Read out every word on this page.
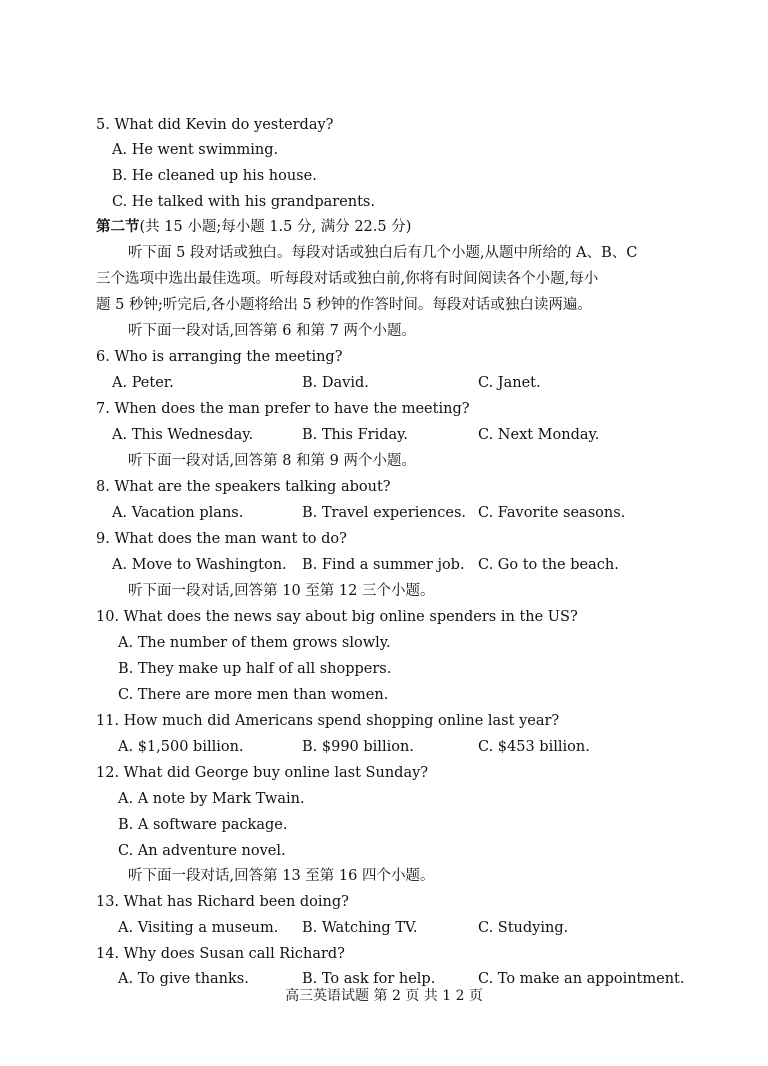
5. What did Kevin do yesterday?
A. He went swimming.
B. He cleaned up his house.
C. He talked with his grandparents.
第二节(共 15 小题;每小题 1.5 分, 满分 22.5 分)
听下面 5 段对话或独白。每段对话或独白后有几个小题,从题中所给的 A、B、C
三个选项中选出最佳选项。听每段对话或独白前,你将有时间阅读各个小题,每小
题 5 秒钟;听完后,各小题将给出 5 秒钟的作答时间。每段对话或独白读两遍。
听下面一段对话,回答第 6 和第 7 两个小题。
6. Who is arranging the meeting?
A. Peter.	B. David.	C. Janet.
7. When does the man prefer to have the meeting?
A. This Wednesday.	B. This Friday.	C. Next Monday.
听下面一段对话,回答第 8 和第 9 两个小题。
8. What are the speakers talking about?
A. Vacation plans.	B. Travel experiences. C. Favorite seasons.
9. What does the man want to do?
A. Move to Washington. B. Find a summer job. C. Go to the beach.
听下面一段对话,回答第 10 至第 12 三个小题。
10. What does the news say about big online spenders in the US?
A. The number of them grows slowly.
B. They make up half of all shoppers.
C. There are more men than women.
11. How much did Americans spend shopping online last year?
A. $1,500 billion.	B. $990 billion.	C. $453 billion.
12. What did George buy online last Sunday?
A. A note by Mark Twain.
B. A software package.
C. An adventure novel.
听下面一段对话,回答第 13 至第 16 四个小题。
13. What has Richard been doing?
A. Visiting a museum. B. Watching TV.	C. Studying.
14. Why does Susan call Richard?
A. To give thanks.	B. To ask for help.	C. To make an appointment.
高三英语试题 第 2 页 共 1 2 页
